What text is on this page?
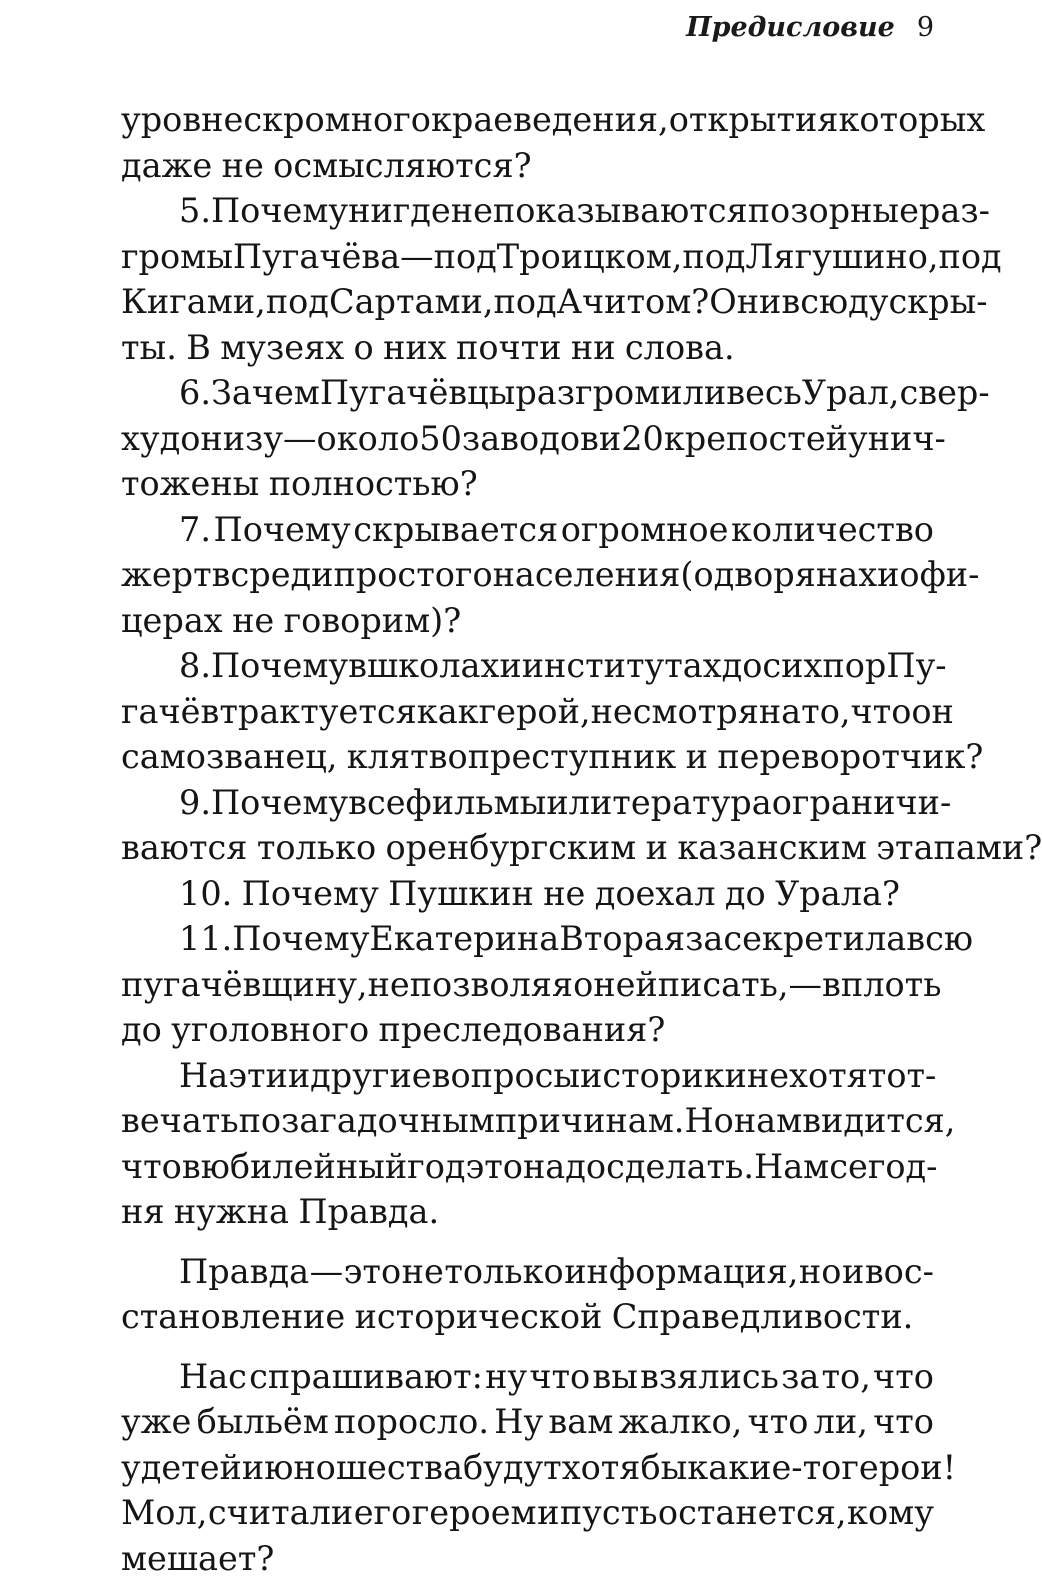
Предисловие 9
уровне скромного краеведения, открытия которых
даже не осмысляются?
5. Почему нигде не показываются позорные раз-
громы Пугачёва — под Троицком, под Лягушино, под
Кигами, под Сартами, под Ачитом? Они всюду скры-
ты. В музеях о них почти ни слова.
6. Зачем Пугачёвцы разгромили весь Урал, свер-
ху до низу — около 50 заводов и 20 крепостей унич-
тожены полностью?
7. Почему скрывается огромное количество
жертв среди простого населения (о дворянах и офи-
церах не говорим)?
8. Почему в школах и институтах до сих пор Пу-
гачёв трактуется как герой, несмотря на то, что он
самозванец, клятвопреступник и переворотчик?
9. Почему все фильмы и литература ограничи-
ваются только оренбургским и казанским этапами?
10. Почему Пушкин не доехал до Урала?
11. Почему Екатерина Вторая засекретила всю
пугачёвщину, не позволяя о ней писать, — вплоть
до уголовного преследования?
На эти и другие вопросы историки не хотят от-
вечать по загадочным причинам. Но нам видится,
что в юбилейный год это надо сделать. Нам сегод-
ня нужна Правда.
Правда — это не только информация, но и вос-
становление исторической Справедливости.
Нас спрашивают: ну что вы взялись за то, что
уже быльём поросло. Ну вам жалко, что ли, что
у детей и юношества будут хотя бы какие-то герои!
Мол, считали его героем и пусть останется, кому
мешает?
